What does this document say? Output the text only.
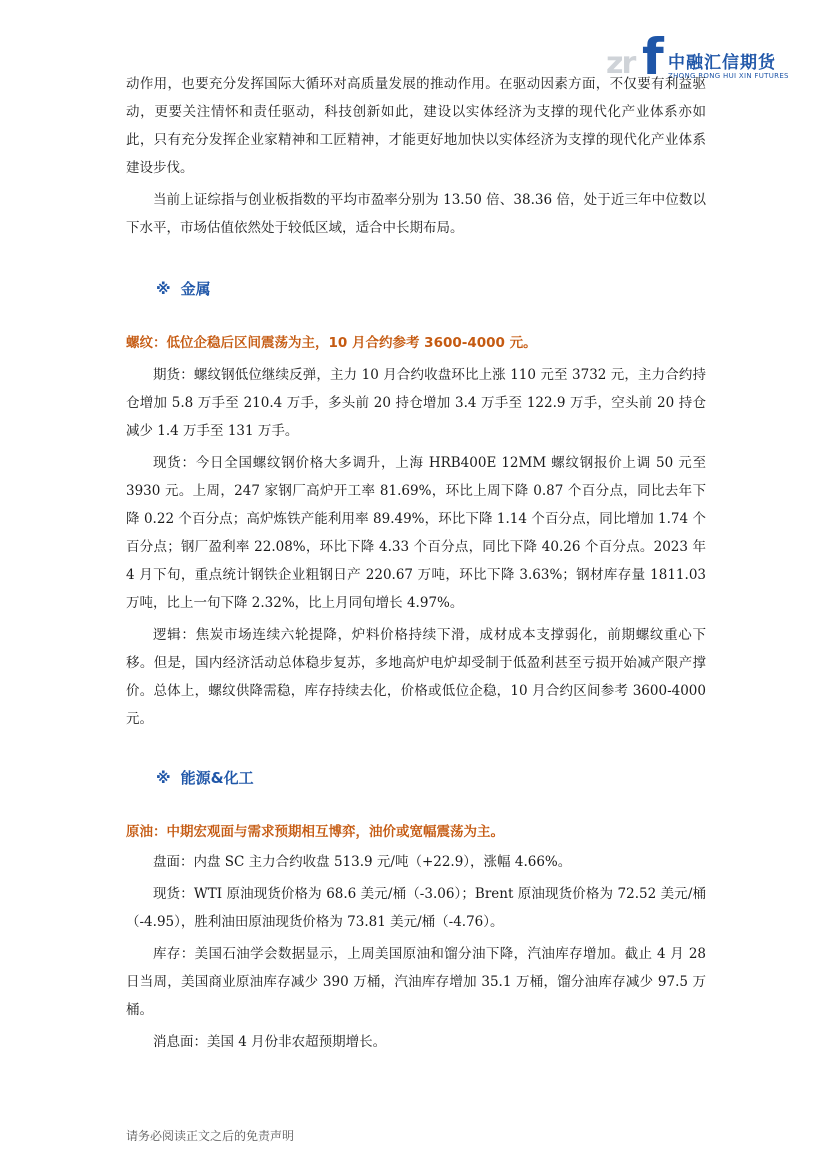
zr f 中融汇信期货
ZHONG RONG HUI XIN FUTURES

动作用，也要充分发挥国际大循环对高质量发展的推动作用。在驱动因素方面，不仅要有利益驱动，更要关注情怀和责任驱动，科技创新如此，建设以实体经济为支撑的现代化产业体系亦如此，只有充分发挥企业家精神和工匠精神，才能更好地加快以实体经济为支撑的现代化产业体系建设步伐。

当前上证综指与创业板指数的平均市盈率分别为 13.50 倍、38.36 倍，处于近三年中位数以下水平，市场估值依然处于较低区域，适合中长期布局。

※ 金属

螺纹：低位企稳后区间震荡为主，10 月合约参考 3600-4000 元。

期货：螺纹钢低位继续反弹，主力 10 月合约收盘环比上涨 110 元至 3732 元，主力合约持仓增加 5.8 万手至 210.4 万手，多头前 20 持仓增加 3.4 万手至 122.9 万手，空头前 20 持仓减少 1.4 万手至 131 万手。

现货：今日全国螺纹钢价格大多调升，上海 HRB400E 12MM 螺纹钢报价上调 50 元至 3930 元。上周，247 家钢厂高炉开工率 81.69%，环比上周下降 0.87 个百分点，同比去年下降 0.22 个百分点；高炉炼铁产能利用率 89.49%，环比下降 1.14 个百分点，同比增加 1.74 个百分点；钢厂盈利率 22.08%，环比下降 4.33 个百分点，同比下降 40.26 个百分点。2023 年 4 月下旬，重点统计钢铁企业粗钢日产 220.67 万吨，环比下降 3.63%；钢材库存量 1811.03 万吨，比上一旬下降 2.32%，比上月同旬增长 4.97%。

逻辑：焦炭市场连续六轮提降，炉料价格持续下滑，成材成本支撑弱化，前期螺纹重心下移。但是，国内经济活动总体稳步复苏，多地高炉电炉却受制于低盈利甚至亏损开始减产限产撑价。总体上，螺纹供降需稳，库存持续去化，价格或低位企稳，10 月合约区间参考 3600-4000 元。

※ 能源&化工

原油：中期宏观面与需求预期相互博弈，油价或宽幅震荡为主。

盘面：内盘 SC 主力合约收盘 513.9 元/吨（+22.9），涨幅 4.66%。

现货：WTI 原油现货价格为 68.6 美元/桶（-3.06）；Brent 原油现货价格为 72.52 美元/桶（-4.95），胜利油田原油现货价格为 73.81 美元/桶（-4.76）。

库存：美国石油学会数据显示，上周美国原油和馏分油下降，汽油库存增加。截止 4 月 28 日当周，美国商业原油库存减少 390 万桶，汽油库存增加 35.1 万桶，馏分油库存减少 97.5 万桶。

消息面：美国 4 月份非农超预期增长。

请务必阅读正文之后的免责声明
